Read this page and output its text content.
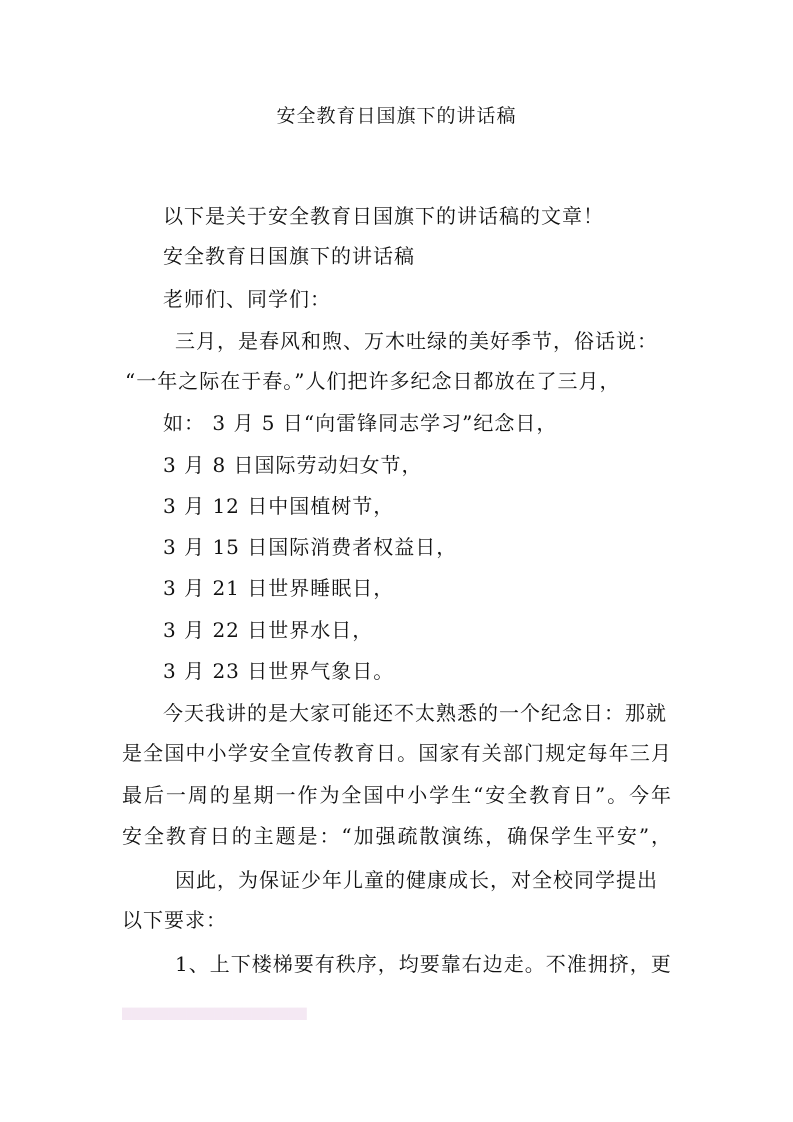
安全教育日国旗下的讲话稿
以下是关于安全教育日国旗下的讲话稿的文章！
安全教育日国旗下的讲话稿
老师们、同学们：
三月，是春风和煦、万木吐绿的美好季节，俗话说：
“一年之际在于春。”人们把许多纪念日都放在了三月，
如： 3 月 5 日“向雷锋同志学习”纪念日，
3 月 8 日国际劳动妇女节，
3 月 12 日中国植树节，
3 月 15 日国际消费者权益日，
3 月 21 日世界睡眠日，
3 月 22 日世界水日，
3 月 23 日世界气象日。
今天我讲的是大家可能还不太熟悉的一个纪念日：那就
是全国中小学安全宣传教育日。国家有关部门规定每年三月
最后一周的星期一作为全国中小学生“安全教育日”。今年
安全教育日的主题是：“加强疏散演练，确保学生平安”，
因此，为保证少年儿童的健康成长，对全校同学提出
以下要求：
1、上下楼梯要有秩序，均要靠右边走。不准拥挤，更
▇▇▇▇▇▇▇▇▇▇▇▇▇▇▇▇▇▇▇▇
